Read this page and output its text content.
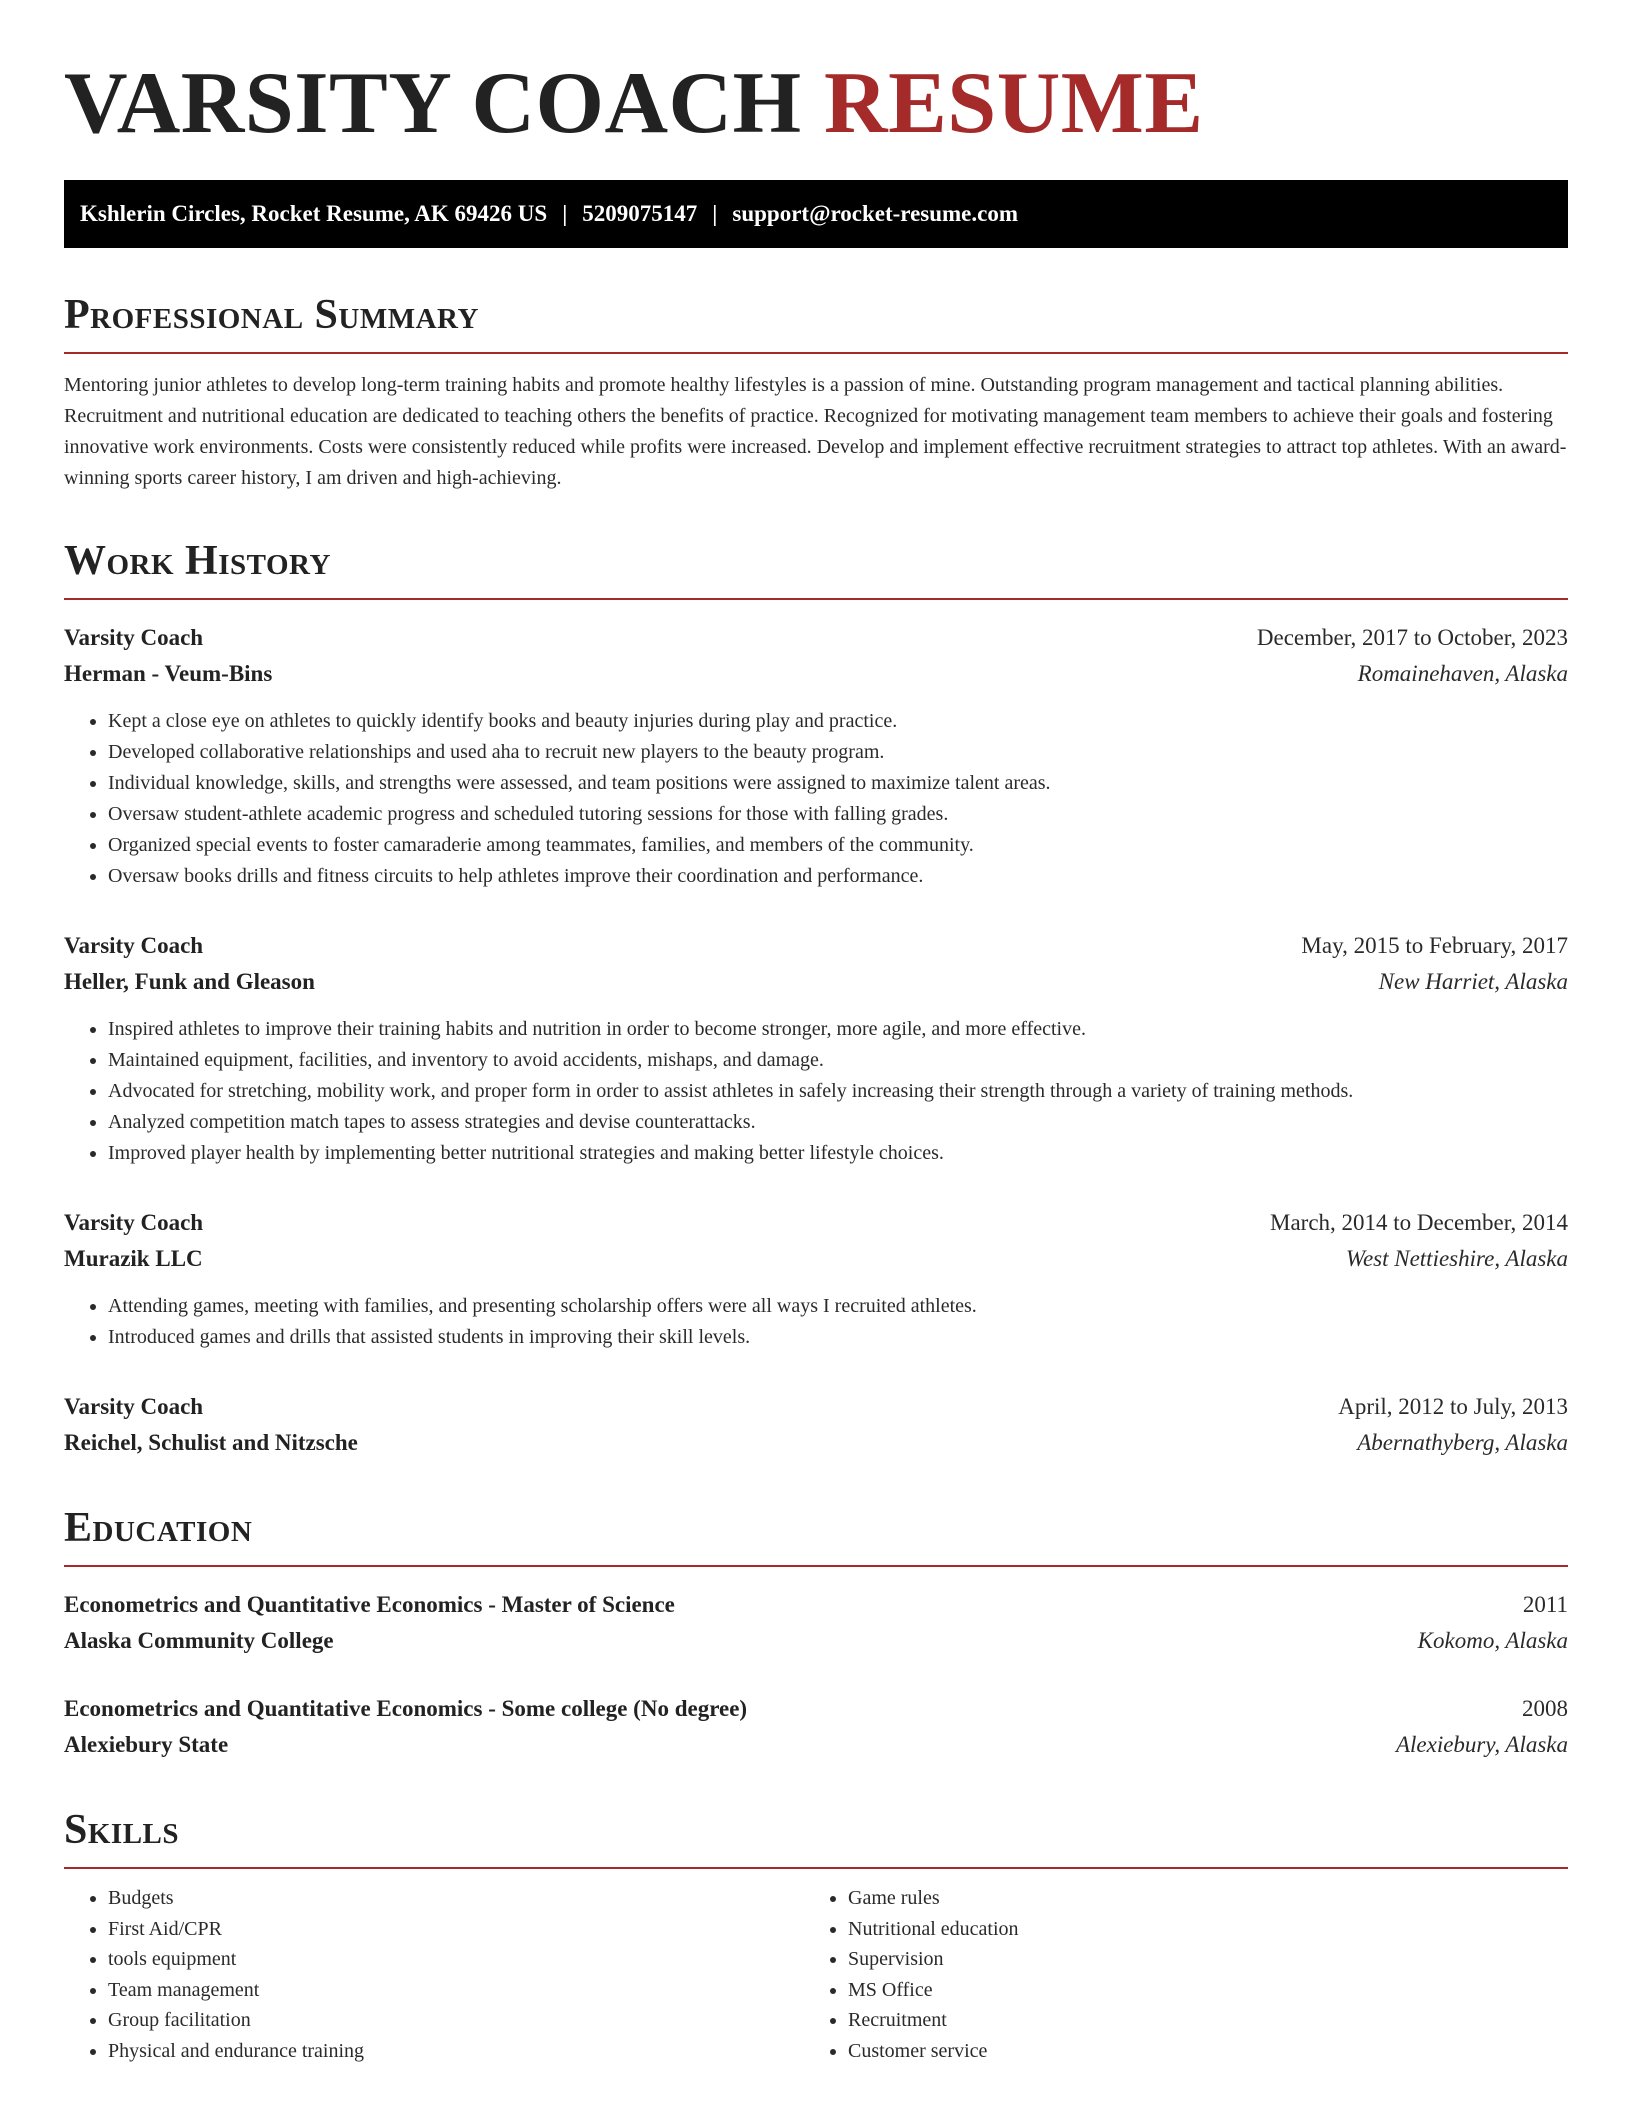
VARSITY COACH RESUME
Kshlerin Circles, Rocket Resume, AK 69426 US | 5209075147 | support@rocket-resume.com
Professional Summary

Mentoring junior athletes to develop long-term training habits and promote healthy lifestyles is a passion of mine. Outstanding program management and tactical planning abilities. Recruitment and nutritional education are dedicated to teaching others the benefits of practice. Recognized for motivating management team members to achieve their goals and fostering innovative work environments. Costs were consistently reduced while profits were increased. Develop and implement effective recruitment strategies to attract top athletes. With an award-winning sports career history, I am driven and high-achieving.

Work History
Varsity Coach	December, 2017 to October, 2023
Herman - Veum-Bins	Romainehaven, Alaska
• Kept a close eye on athletes to quickly identify books and beauty injuries during play and practice.
• Developed collaborative relationships and used aha to recruit new players to the beauty program.
• Individual knowledge, skills, and strengths were assessed, and team positions were assigned to maximize talent areas.
• Oversaw student-athlete academic progress and scheduled tutoring sessions for those with falling grades.
• Organized special events to foster camaraderie among teammates, families, and members of the community.
• Oversaw books drills and fitness circuits to help athletes improve their coordination and performance.
Varsity Coach	May, 2015 to February, 2017
Heller, Funk and Gleason	New Harriet, Alaska
• Inspired athletes to improve their training habits and nutrition in order to become stronger, more agile, and more effective.
• Maintained equipment, facilities, and inventory to avoid accidents, mishaps, and damage.
• Advocated for stretching, mobility work, and proper form in order to assist athletes in safely increasing their strength through a variety of training methods.
• Analyzed competition match tapes to assess strategies and devise counterattacks.
• Improved player health by implementing better nutritional strategies and making better lifestyle choices.
Varsity Coach	March, 2014 to December, 2014
Murazik LLC	West Nettieshire, Alaska
• Attending games, meeting with families, and presenting scholarship offers were all ways I recruited athletes.
• Introduced games and drills that assisted students in improving their skill levels.
Varsity Coach	April, 2012 to July, 2013
Reichel, Schulist and Nitzsche	Abernathyberg, Alaska
Education
Econometrics and Quantitative Economics - Master of Science	2011
Alaska Community College	Kokomo, Alaska
Econometrics and Quantitative Economics - Some college (No degree)	2008
Alexiebury State	Alexiebury, Alaska
Skills
• Budgets
• First Aid/CPR
• tools equipment
• Team management
• Group facilitation
• Physical and endurance training
• Game rules
• Nutritional education
• Supervision
• MS Office
• Recruitment
• Customer service
